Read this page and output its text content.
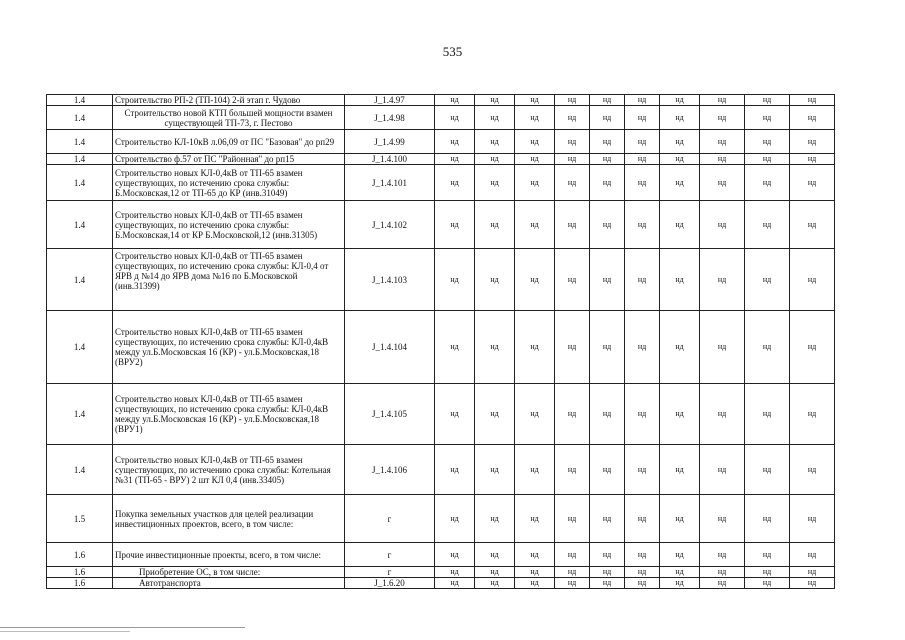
535
1.4	Строительство РП-2 (ТП-104) 2-й этап г. Чудово	J_1.4.97	нд	нд	нд	нд	нд	нд	нд	нд	нд	нд
1.4	Строительство новой КТП большей мощности взамен существующей ТП-73, г. Пестово	J_1.4.98	нд	нд	нд	нд	нд	нд	нд	нд	нд	нд
1.4	Строительство КЛ-10кВ л.06,09 от ПС "Базовая" до рп29	J_1.4.99	нд	нд	нд	нд	нд	нд	нд	нд	нд	нд
1.4	Строительство ф.57 от ПС "Районная" до рп15	J_1.4.100	нд	нд	нд	нд	нд	нд	нд	нд	нд	нд
1.4	Строительство новых КЛ-0,4кВ от ТП-65 взамен существующих, по истечению срока службы: Б.Московская,12 от ТП-65 до КР (инв.31049)	J_1.4.101	нд	нд	нд	нд	нд	нд	нд	нд	нд	нд
1.4	Строительство новых КЛ-0,4кВ от ТП-65 взамен существующих, по истечению срока службы: Б.Московская,14 от КР Б.Московской,12 (инв.31305)	J_1.4.102	нд	нд	нд	нд	нд	нд	нд	нд	нд	нд
1.4	Строительство новых КЛ-0,4кВ от ТП-65 взамен существующих, по истечению срока службы: КЛ-0,4 от ЯРВ д №14 до ЯРВ дома №16 по Б.Московской (инв.31399)	J_1.4.103	нд	нд	нд	нд	нд	нд	нд	нд	нд	нд
1.4	Строительство новых КЛ-0,4кВ от ТП-65 взамен существующих, по истечению срока службы: КЛ-0,4кВ между ул.Б.Московская 16 (КР) - ул.Б.Московская,18 (ВРУ2)	J_1.4.104	нд	нд	нд	нд	нд	нд	нд	нд	нд	нд
1.4	Строительство новых КЛ-0,4кВ от ТП-65 взамен существующих, по истечению срока службы: КЛ-0,4кВ между ул.Б.Московская 16 (КР) - ул.Б.Московская,18 (ВРУ1)	J_1.4.105	нд	нд	нд	нд	нд	нд	нд	нд	нд	нд
1.4	Строительство новых КЛ-0,4кВ от ТП-65 взамен существующих, по истечению срока службы: Котельная №31 (ТП-65 - ВРУ) 2 шт КЛ 0,4 (инв.33405)	J_1.4.106	нд	нд	нд	нд	нд	нд	нд	нд	нд	нд
1.5	Покупка земельных участков для целей реализации инвестиционных проектов, всего, в том числе:	г	нд	нд	нд	нд	нд	нд	нд	нд	нд	нд
1.6	Прочие инвестиционные проекты, всего, в том числе:	г	нд	нд	нд	нд	нд	нд	нд	нд	нд	нд
1.6	Приобретение ОС, в том числе:	г	нд	нд	нд	нд	нд	нд	нд	нд	нд	нд
1.6	Автотранспорта	J_1.6.20	нд	нд	нд	нд	нд	нд	нд	нд	нд	нд
